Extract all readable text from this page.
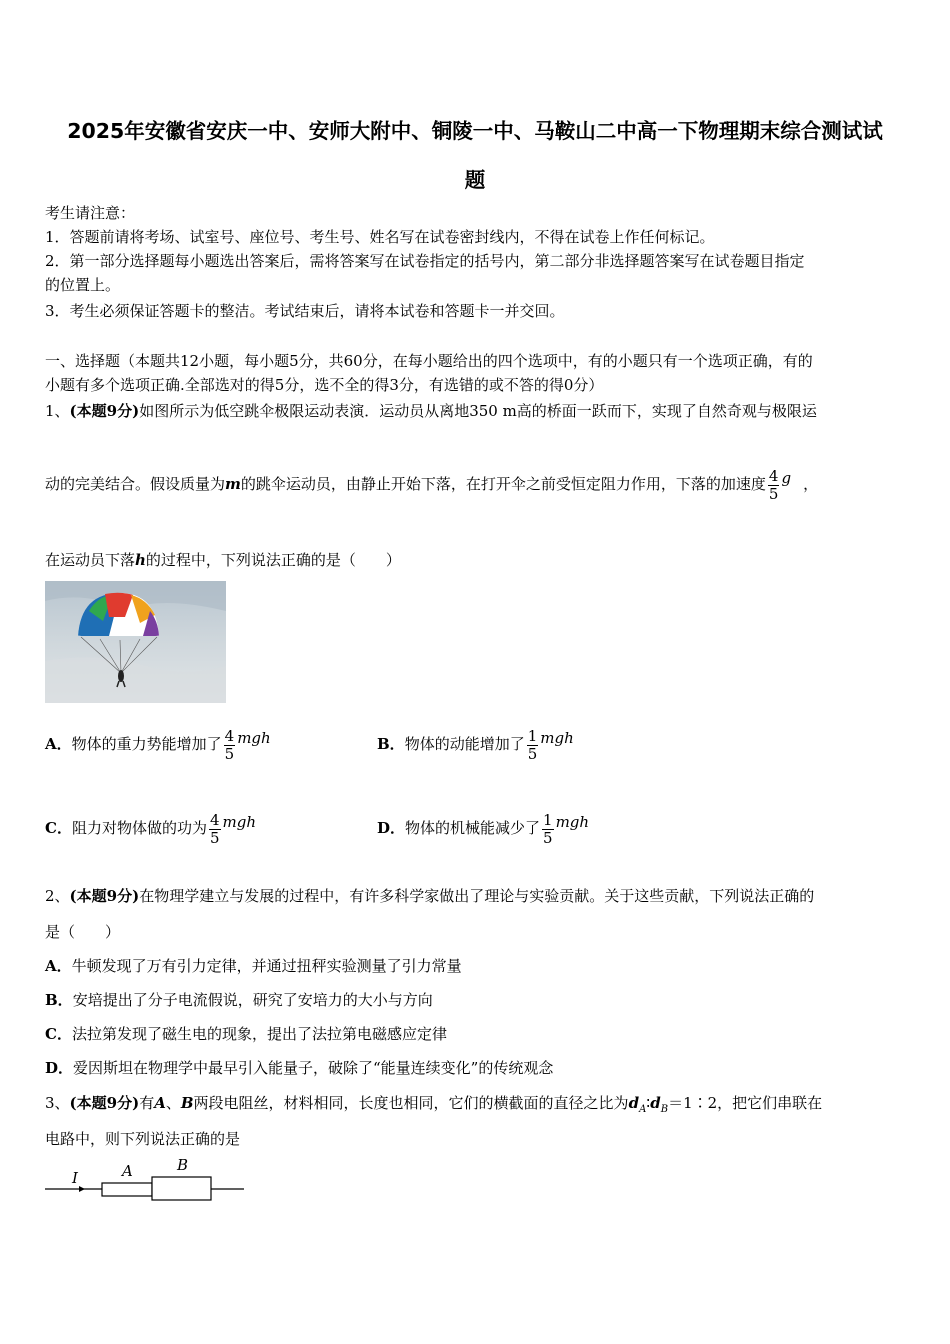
2025年安徽省安庆一中、安师大附中、铜陵一中、马鞍山二中高一下物理期末综合测试试
题
考生请注意：
1．答题前请将考场、试室号、座位号、考生号、姓名写在试卷密封线内，不得在试卷上作任何标记。
2．第一部分选择题每小题选出答案后，需将答案写在试卷指定的括号内，第二部分非选择题答案写在试卷题目指定
的位置上。
3．考生必须保证答题卡的整洁。考试结束后，请将本试卷和答题卡一并交回。
一、选择题（本题共12小题，每小题5分，共60分，在每小题给出的四个选项中，有的小题只有一个选项正确，有的
小题有多个选项正确.全部选对的得5分，选不全的得3分，有选错的或不答的得0分）
1、(本题9分)如图所示为低空跳伞极限运动表演．运动员从离地350 m高的桥面一跃而下，实现了自然奇观与极限运
动的完美结合。假设质量为m的跳伞运动员，由静止开始下落，在打开伞之前受恒定阻力作用，下落的加速度 $\frac{4}{5}$ g ，
在运动员下落h的过程中，下列说法正确的是（　　）
A．物体的重力势能增加了 $\frac{4}{5}$ mgh	B．物体的动能增加了 $\frac{1}{5}$ mgh
C．阻力对物体做的功为 $\frac{4}{5}$ mgh	D．物体的机械能减少了 $\frac{1}{5}$ mgh
2、(本题9分)在物理学建立与发展的过程中，有许多科学家做出了理论与实验贡献。关于这些贡献，下列说法正确的
是（　　）
A．牛顿发现了万有引力定律，并通过扭秤实验测量了引力常量
B．安培提出了分子电流假说，研究了安培力的大小与方向
C．法拉第发现了磁生电的现象，提出了法拉第电磁感应定律
D．爱因斯坦在物理学中最早引入能量子，破除了“能量连续变化”的传统观念
3、(本题9分)有A、B两段电阻丝，材料相同，长度也相同，它们的横截面的直径之比为$d_A∶d_B=1∶2$，把它们串联在
电路中，则下列说法正确的是
I	A	B
